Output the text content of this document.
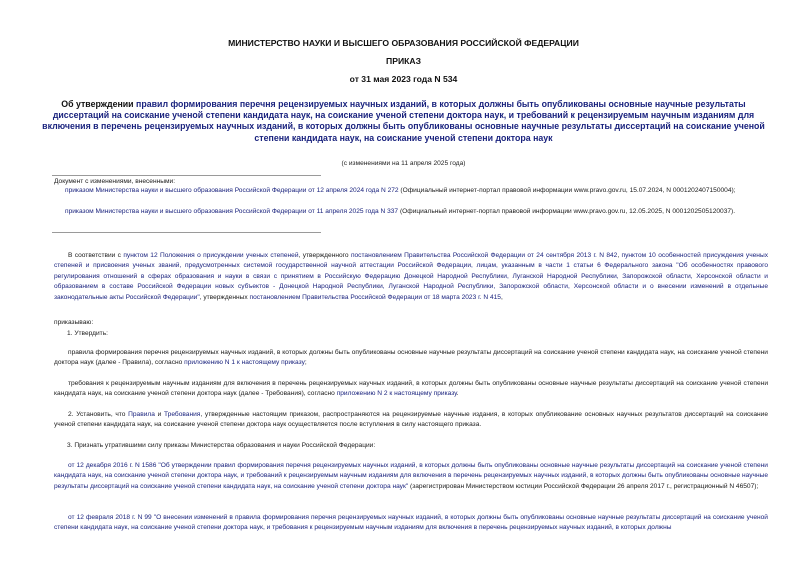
МИНИСТЕРСТВО НАУКИ И ВЫСШЕГО ОБРАЗОВАНИЯ РОССИЙСКОЙ ФЕДЕРАЦИИ
ПРИКАЗ
от 31 мая 2023 года N 534
Об утверждении правил формирования перечня рецензируемых научных изданий, в которых должны быть опубликованы основные научные результаты диссертаций на соискание ученой степени кандидата наук, на соискание ученой степени доктора наук, и требований к рецензируемым научным изданиям для включения в перечень рецензируемых научных изданий, в которых должны быть опубликованы основные научные результаты диссертаций на соискание ученой степени кандидата наук, на соискание ученой степени доктора наук
(с изменениями на 11 апреля 2025 года)
Документ с изменениями, внесенными:
приказом Министерства науки и высшего образования Российской Федерации от 12 апреля 2024 года N 272 (Официальный интернет-портал правовой информации www.pravo.gov.ru, 15.07.2024, N 0001202407150004);
приказом Министерства науки и высшего образования Российской Федерации от 11 апреля 2025 года N 337 (Официальный интернет-портал правовой информации www.pravo.gov.ru, 12.05.2025, N 0001202505120037).
В соответствии с пунктом 12 Положения о присуждении ученых степеней, утвержденного постановлением Правительства Российской Федерации от 24 сентября 2013 г. N 842, пунктом 10 особенностей присуждения ученых степеней и присвоения ученых званий, предусмотренных системой государственной научной аттестации Российской Федерации, лицам, указанным в части 1 статьи 6 Федерального закона "Об особенностях правового регулирования отношений в сферах образования и науки в связи с принятием в Российскую Федерацию Донецкой Народной Республики, Луганской Народной Республики, Запорожской области, Херсонской области и образованием в составе Российской Федерации новых субъектов - Донецкой Народной Республики, Луганской Народной Республики, Запорожской области, Херсонской области и о внесении изменений в отдельные законодательные акты Российской Федерации", утвержденных постановлением Правительства Российской Федерации от 18 марта 2023 г. N 415,
приказываю:
1. Утвердить:
правила формирования перечня рецензируемых научных изданий, в которых должны быть опубликованы основные научные результаты диссертаций на соискание ученой степени кандидата наук, на соискание ученой степени доктора наук (далее - Правила), согласно приложению N 1 к настоящему приказу;
требования к рецензируемым научным изданиям для включения в перечень рецензируемых научных изданий, в которых должны быть опубликованы основные научные результаты диссертаций на соискание ученой степени кандидата наук, на соискание ученой степени доктора наук (далее - Требования), согласно приложению N 2 к настоящему приказу.
2. Установить, что Правила и Требования, утвержденные настоящим приказом, распространяются на рецензируемые научные издания, в которых опубликование основных научных результатов диссертаций на соискание ученой степени кандидата наук, на соискание ученой степени доктора наук осуществляется после вступления в силу настоящего приказа.
3. Признать утратившими силу приказы Министерства образования и науки Российской Федерации:
от 12 декабря 2016 г. N 1586 "Об утверждении правил формирования перечня рецензируемых научных изданий, в которых должны быть опубликованы основные научные результаты диссертаций на соискание ученой степени кандидата наук, на соискание ученой степени доктора наук, и требований к рецензируемым научным изданиям для включения в перечень рецензируемых научных изданий, в которых должны быть опубликованы основные научные результаты диссертаций на соискание ученой степени кандидата наук, на соискание ученой степени доктора наук" (зарегистрирован Министерством юстиции Российской Федерации 26 апреля 2017 г., регистрационный N 46507);
от 12 февраля 2018 г. N 99 "О внесении изменений в правила формирования перечня рецензируемых научных изданий, в которых должны быть опубликованы основные научные результаты диссертаций на соискание ученой степени кандидата наук, на соискание ученой степени доктора наук, и требования к рецензируемым научным изданиям для включения в перечень рецензируемых научных изданий, в которых должны
